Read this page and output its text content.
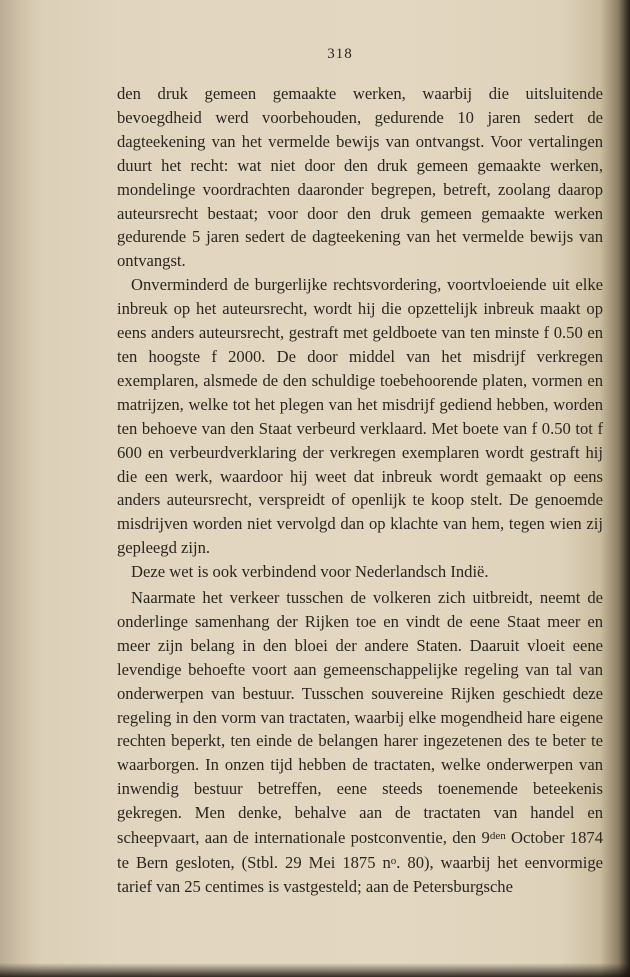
318

den druk gemeen gemaakte werken, waarbij die uitsluitende bevoegdheid werd voorbehouden, gedurende 10 jaren sedert de dagteekening van het vermelde bewijs van ontvangst. Voor vertalingen duurt het recht: wat niet door den druk gemeen gemaakte werken, mondelinge voordrachten daaronder begrepen, betreft, zoolang daarop auteursrecht bestaat; voor door den druk gemeen gemaakte werken gedurende 5 jaren sedert de dagteekening van het vermelde bewijs van ontvangst.

Onverminderd de burgerlijke rechtsvordering, voortvloeiende uit elke inbreuk op het auteursrecht, wordt hij die opzettelijk inbreuk maakt op eens anders auteursrecht, gestraft met geldboete van ten minste f 0.50 en ten hoogste f 2000. De door middel van het misdrijf verkregen exemplaren, alsmede de den schuldige toebehoorende platen, vormen en matrijzen, welke tot het plegen van het misdrijf gediend hebben, worden ten behoeve van den Staat verbeurd verklaard. Met boete van f 0.50 tot f 600 en verbeurdverklaring der verkregen exemplaren wordt gestraft hij die een werk, waardoor hij weet dat inbreuk wordt gemaakt op eens anders auteursrecht, verspreidt of openlijk te koop stelt. De genoemde misdrijven worden niet vervolgd dan op klachte van hem, tegen wien zij gepleegd zijn.

Deze wet is ook verbindend voor Nederlandsch Indië.

Naarmate het verkeer tusschen de volkeren zich uitbreidt, neemt de onderlinge samenhang der Rijken toe en vindt de eene Staat meer en meer zijn belang in den bloei der andere Staten. Daaruit vloeit eene levendige behoefte voort aan gemeenschappelijke regeling van tal van onderwerpen van bestuur. Tusschen souvereine Rijken geschiedt deze regeling in den vorm van tractaten, waarbij elke mogendheid hare eigene rechten beperkt, ten einde de belangen harer ingezetenen des te beter te waarborgen. In onzen tijd hebben de tractaten, welke onderwerpen van inwendig bestuur betreffen, eene steeds toenemende beteekenis gekregen. Men denke, behalve aan de tractaten van handel en scheepvaart, aan de internationale postconventie, den $9^{den}$ October 1874 te Bern gesloten, (Stbl. 29 Mei 1875 $n^o$. 80), waarbij het eenvormige tarief van 25 centimes is vastgesteld; aan de Petersburgsche
